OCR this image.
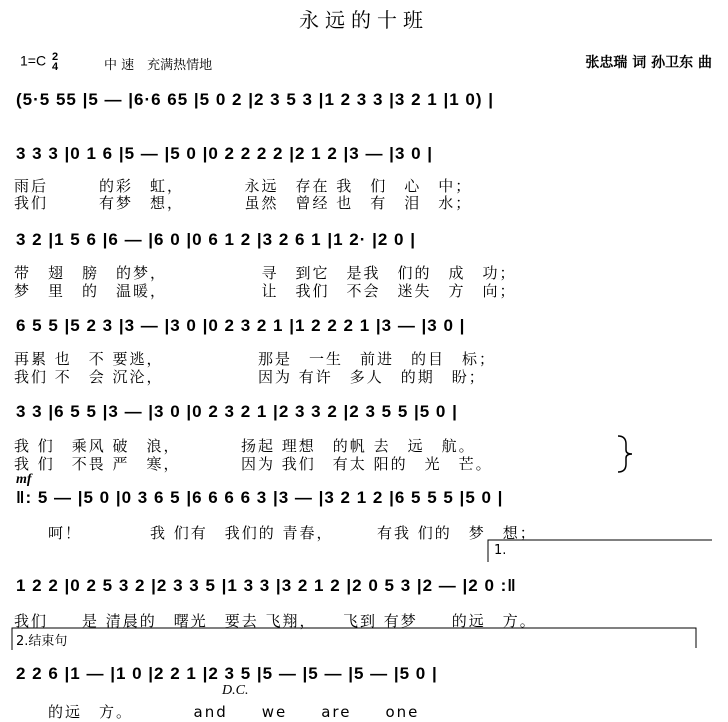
永远的十班
1=C 2
4	中 速　充满热情地	张忠瑞 词 孙卫东 曲
(5·5 55 |5 — |6·6 65 |5 0 2 |2 3 5 3 |1 2 3 3 |3 2 1 |1 0) |
3 3 3 |0 1 6 |5 — |5 0 |0 2 2 2 2 |2 1 2 |3 — |3 0 |
雨后　　　的彩　虹，　　　　永远　存在 我　们　心　中；
我们　　　有梦　想，　　　　虽然　曾经 也　有　泪　水；
3 2 |1 5 6 |6 — |6 0 |0 6 1 2 |3 2 6 1 |1 2· |2 0 |
带　翅　膀　的梦，　　　　　　寻　到它　是我　们的　成　功；
梦　里　的　温暖，　　　　　　让　我们　不会　迷失　方　向；
6 5 5 |5 2 3 |3 — |3 0 |0 2 3 2 1 |1 2 2 2 1 |3 — |3 0 |
再累 也　不 要逃，　　　　　　那是　一生　前进　的目　标；
我们 不　会 沉沦，　　　　　　因为 有许　多人　的期　盼；
3 3 |6 5 5 |3 — |3 0 |0 2 3 2 1 |2 3 3 2 |2 3 5 5 |5 0 |
我 们　乘风 破　浪，　　　　扬起 理想　的帆 去　远　航。
我 们　不畏 严　寒，　　　　因为 我们　有太 阳的　光　芒。
mf
‖: 5 — |5 0 |0 3 6 5 |6 6 6 6 3 |3 — |3 2 1 2 |6 5 5 5 |5 0 |
　　呵！　　　　我 们有　我们的 青春，　　　有我 们的　梦　想；
1.
1 2 2 |0 2 5 3 2 |2 3 3 5 |1 3 3 |3 2 1 2 |2 0 5 3 |2 — |2 0 :‖
我们　　是 清晨的　曙光　要去 飞翔，　　飞到 有梦　　的远　方。
2.结束句
2 2 6 |1 — |1 0 |2 2 1 |2 3 5 |5 — |5 — |5 — |5 0 |
D.C.
的远　方。　　　　and　　we　　are　　one
